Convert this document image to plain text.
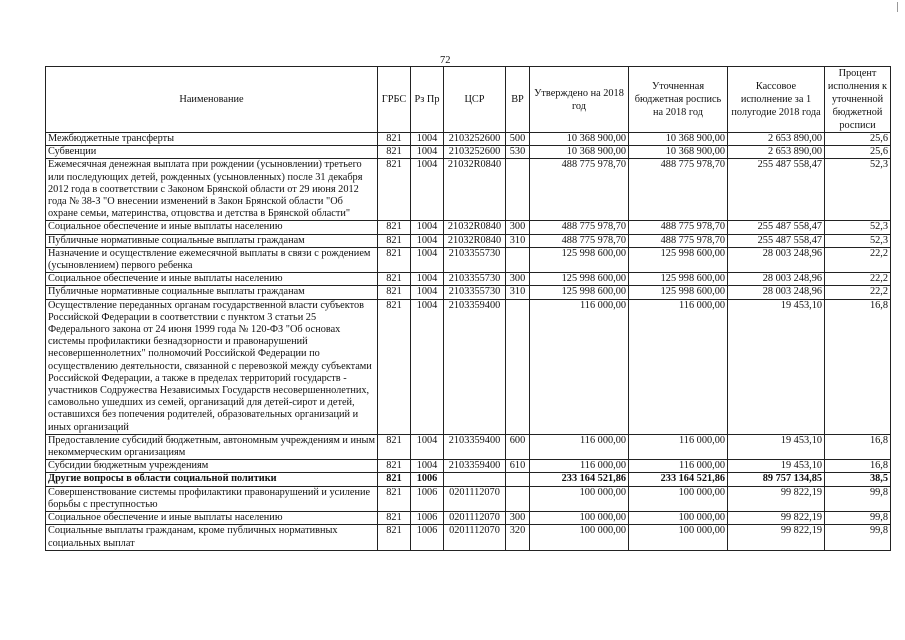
72
Наименование	ГРБС	Рз Пр	ЦСР	ВР	Утверждено на 2018 год	Уточненная бюджетная роспись на 2018 год	Кассовое исполнение за 1 полугодие 2018 года	Процент исполнения к уточненной бюджетной росписи
Межбюджетные трансферты	821	1004	2103252600	500	10 368 900,00	10 368 900,00	2 653 890,00	25,6
Субвенции	821	1004	2103252600	530	10 368 900,00	10 368 900,00	2 653 890,00	25,6
Ежемесячная денежная выплата при рождении (усыновлении) третьего или последующих детей, рожденных (усыновленных) после 31 декабря 2012 года в соответствии с Законом Брянской области от 29 июня 2012 года № 38-З "О внесении изменений в Закон Брянской области "Об охране семьи, материнства, отцовства и детства в Брянской области"	821	1004	21032R0840		488 775 978,70	488 775 978,70	255 487 558,47	52,3
Социальное обеспечение и иные выплаты населению	821	1004	21032R0840	300	488 775 978,70	488 775 978,70	255 487 558,47	52,3
Публичные нормативные социальные выплаты гражданам	821	1004	21032R0840	310	488 775 978,70	488 775 978,70	255 487 558,47	52,3
Назначение и осуществление ежемесячной выплаты в связи с рождением (усыновлением) первого ребенка	821	1004	2103355730		125 998 600,00	125 998 600,00	28 003 248,96	22,2
Социальное обеспечение и иные выплаты населению	821	1004	2103355730	300	125 998 600,00	125 998 600,00	28 003 248,96	22,2
Публичные нормативные социальные выплаты гражданам	821	1004	2103355730	310	125 998 600,00	125 998 600,00	28 003 248,96	22,2
Осуществление переданных органам государственной власти субъектов Российской Федерации в соответствии с пунктом 3 статьи 25 Федерального закона от 24 июня 1999 года № 120-ФЗ "Об основах системы профилактики безнадзорности и правонарушений несовершеннолетних" полномочий Российской Федерации по осуществлению деятельности, связанной с перевозкой между субъектами Российской Федерации, а также в пределах территорий государств - участников Содружества Независимых Государств несовершеннолетних, самовольно ушедших из семей, организаций для детей-сирот и детей, оставшихся без попечения родителей, образовательных организаций и иных организаций	821	1004	2103359400		116 000,00	116 000,00	19 453,10	16,8
Предоставление субсидий бюджетным, автономным учреждениям и иным некоммерческим организациям	821	1004	2103359400	600	116 000,00	116 000,00	19 453,10	16,8
Субсидии бюджетным учреждениям	821	1004	2103359400	610	116 000,00	116 000,00	19 453,10	16,8
Другие вопросы в области социальной политики	821	1006			233 164 521,86	233 164 521,86	89 757 134,85	38,5
Совершенствование системы профилактики правонарушений и усиление борьбы с преступностью	821	1006	0201112070		100 000,00	100 000,00	99 822,19	99,8
Социальное обеспечение и иные выплаты населению	821	1006	0201112070	300	100 000,00	100 000,00	99 822,19	99,8
Социальные выплаты гражданам, кроме публичных нормативных социальных выплат	821	1006	0201112070	320	100 000,00	100 000,00	99 822,19	99,8
